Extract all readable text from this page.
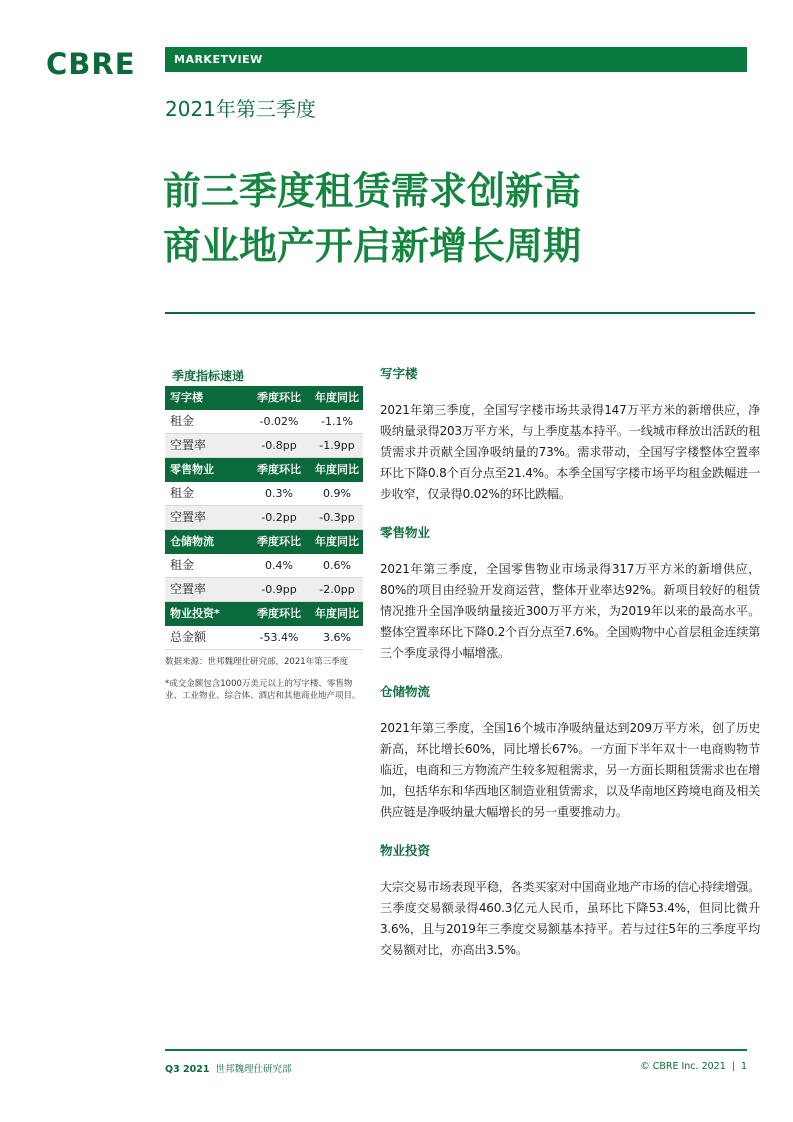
CBRE	MARKETVIEW
2021年第三季度
前三季度租赁需求创新高
商业地产开启新增长周期
季度指标速递
写字楼	季度环比	年度同比
租金	-0.02%	-1.1%
空置率	-0.8pp	-1.9pp
零售物业	季度环比	年度同比
租金	0.3%	0.9%
空置率	-0.2pp	-0.3pp
仓储物流	季度环比	年度同比
租金	0.4%	0.6%
空置率	-0.9pp	-2.0pp
物业投资*	季度环比	年度同比
总金额	-53.4%	3.6%
数据来源：世邦魏理仕研究部，2021年第三季度
*成交金额包含1000万美元以上的写字楼、零售物业、工业物业、综合体、酒店和其他商业地产项目。
写字楼

2021年第三季度，全国写字楼市场共录得147万平方米的新增供应，净吸纳量录得203万平方米，与上季度基本持平。一线城市释放出活跃的租赁需求并贡献全国净吸纳量的73%。需求带动，全国写字楼整体空置率环比下降0.8个百分点至21.4%。本季全国写字楼市场平均租金跌幅进一步收窄，仅录得0.02%的环比跌幅。

零售物业

2021年第三季度，全国零售物业市场录得317万平方米的新增供应，80%的项目由经验开发商运营，整体开业率达92%。新项目较好的租赁情况推升全国净吸纳量接近300万平方米，为2019年以来的最高水平。整体空置率环比下降0.2个百分点至7.6%。全国购物中心首层租金连续第三个季度录得小幅增涨。

仓储物流

2021年第三季度，全国16个城市净吸纳量达到209万平方米，创了历史新高，环比增长60%，同比增长67%。一方面下半年双十一电商购物节临近，电商和三方物流产生较多短租需求，另一方面长期租赁需求也在增加，包括华东和华西地区制造业租赁需求，以及华南地区跨境电商及相关供应链是净吸纳量大幅增长的另一重要推动力。

物业投资

大宗交易市场表现平稳，各类买家对中国商业地产市场的信心持续增强。三季度交易额录得460.3亿元人民币，虽环比下降53.4%，但同比微升3.6%，且与2019年三季度交易额基本持平。若与过往5年的三季度平均交易额对比，亦高出3.5%。

Q3 2021 世邦魏理仕研究部	© CBRE Inc. 2021 | 1
